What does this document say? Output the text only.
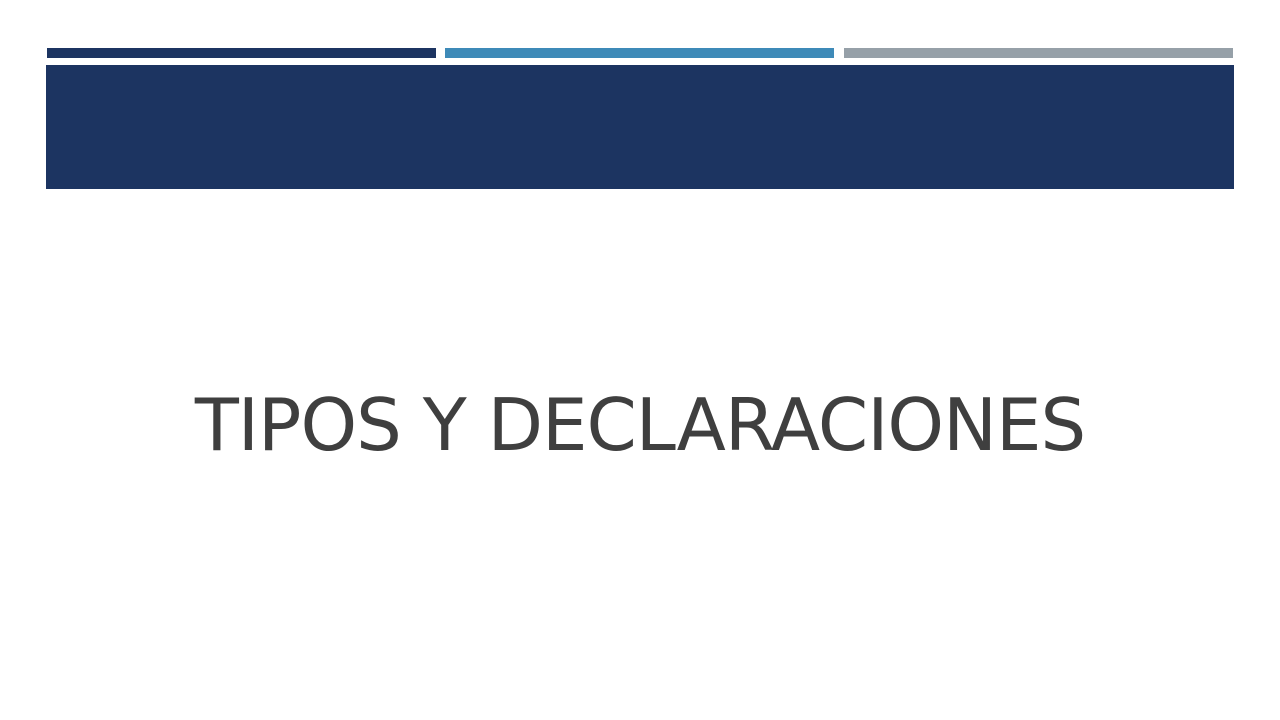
TIPOS Y DECLARACIONES
